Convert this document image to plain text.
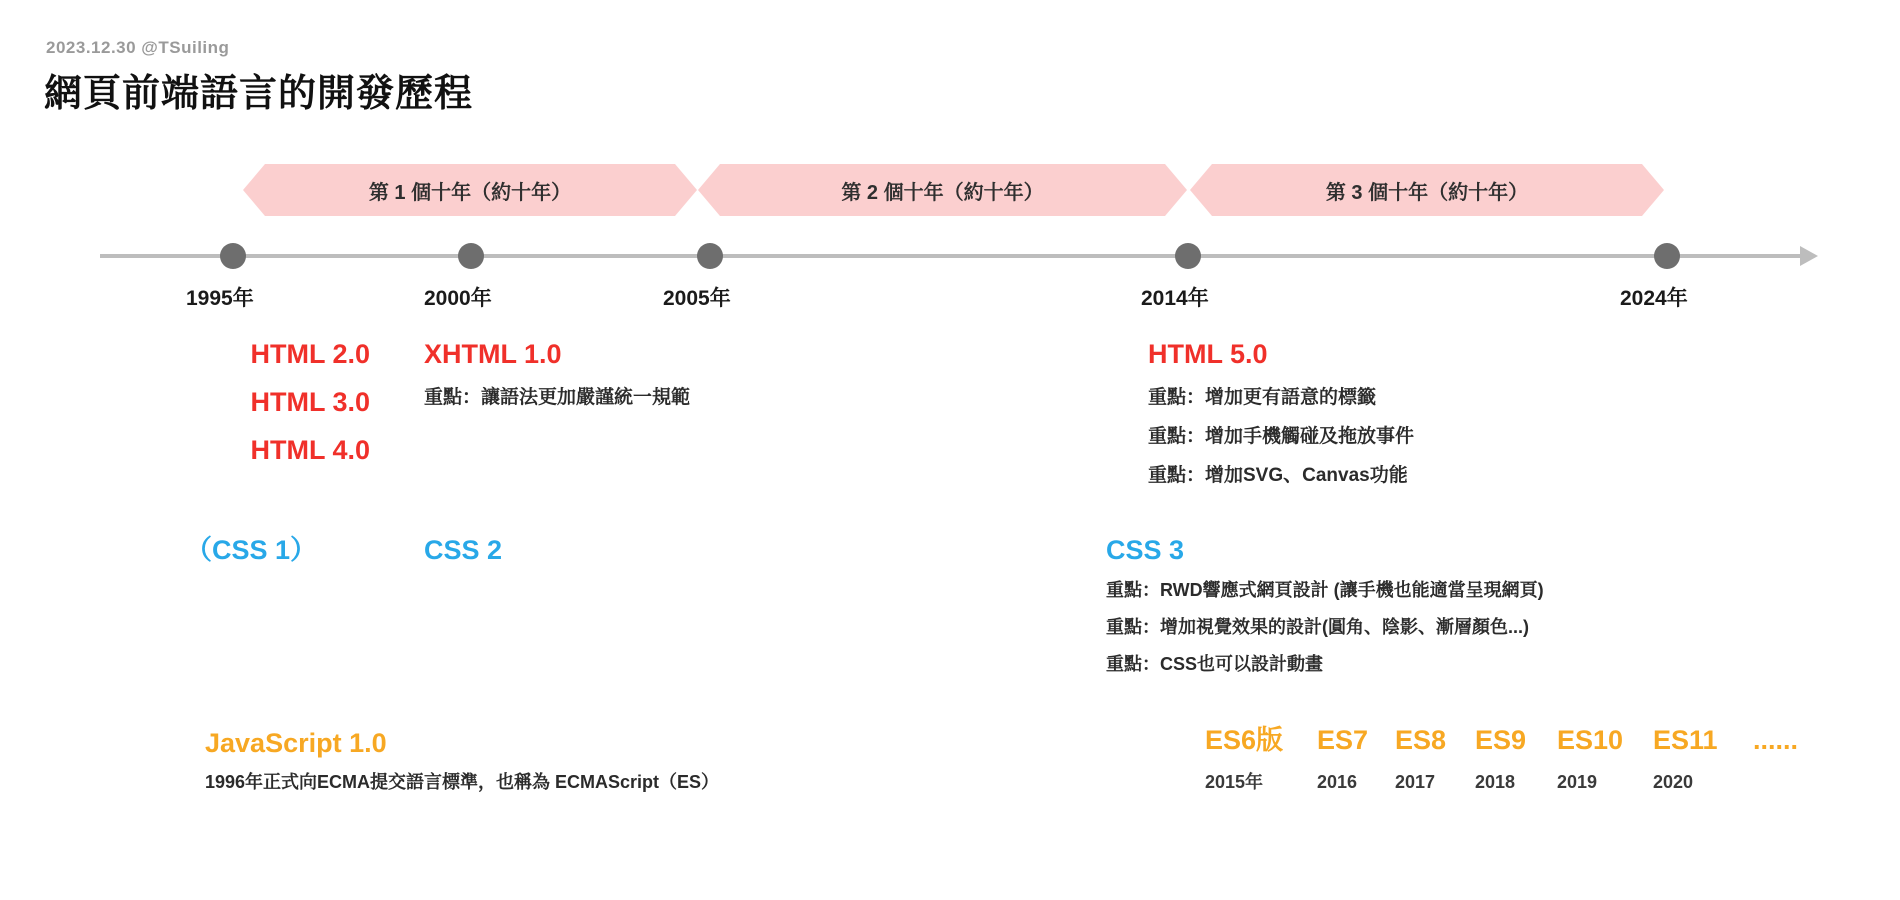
2023.12.30 @TSuiling
網頁前端語言的開發歷程
第 1 個十年（約十年）	第 2 個十年（約十年）	第 3 個十年（約十年）
1995年	2000年	2005年	2014年	2024年
HTML 2.0
HTML 3.0
HTML 4.0
XHTML 1.0
重點：讓語法更加嚴謹統一規範
HTML 5.0
重點：增加更有語意的標籤
重點：增加手機觸碰及拖放事件
重點：增加SVG、Canvas功能
（CSS 1）	CSS 2	CSS 3
重點：RWD響應式網頁設計 (讓手機也能適當呈現網頁)
重點：增加視覺效果的設計(圓角、陰影、漸層顏色...)
重點：CSS也可以設計動畫
JavaScript 1.0
1996年正式向ECMA提交語言標準，也稱為 ECMAScript（ES）
ES6版	ES7 ES8	ES9	ES10	ES11	......
2015年	2016	2017	2018	2019	2020
